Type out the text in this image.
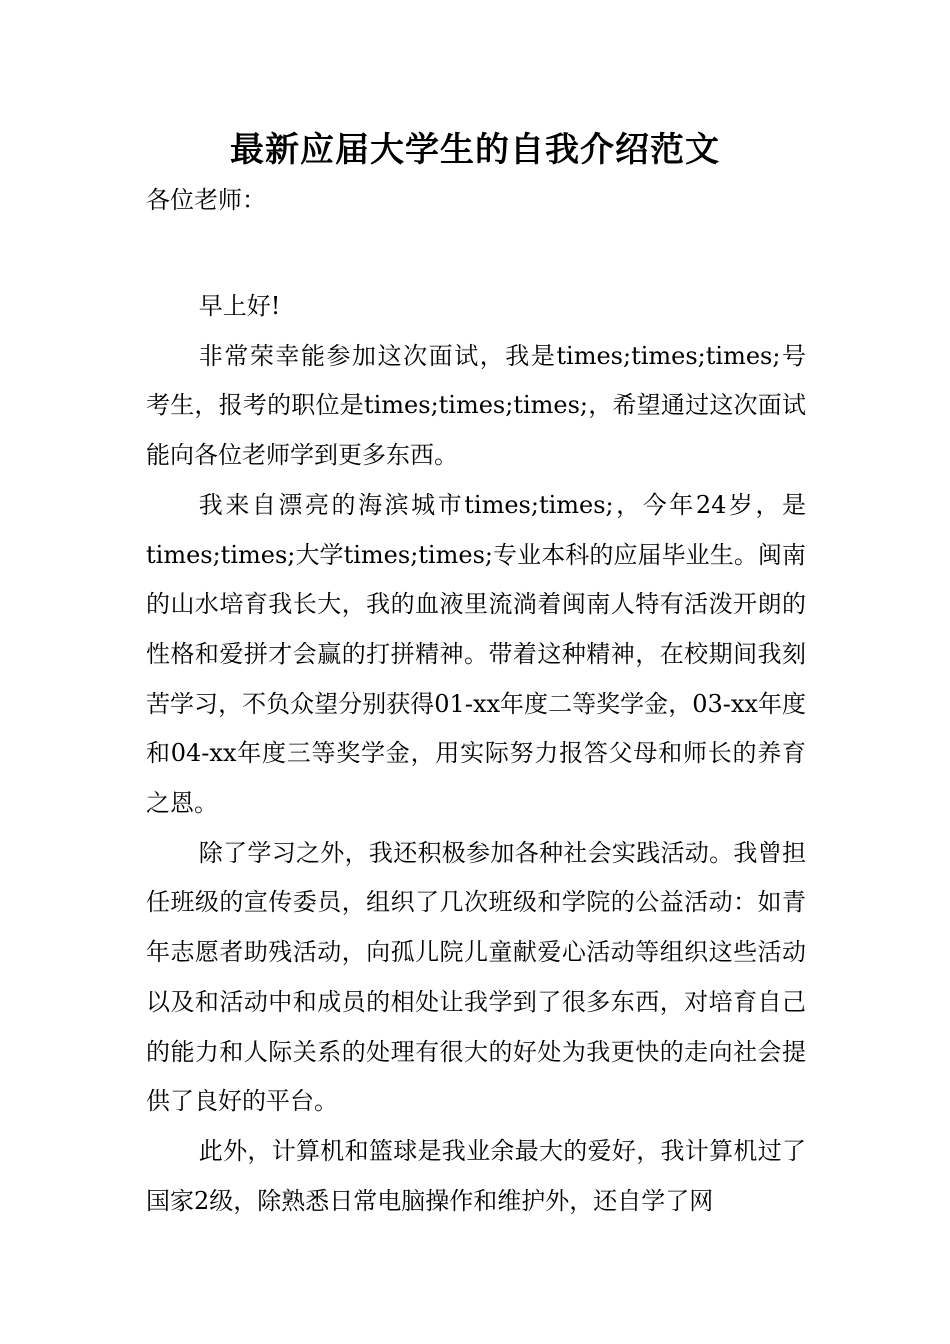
最新应届大学生的自我介绍范文
各位老师：

早上好!

非常荣幸能参加这次面试，我是times;times;times;号考生，报考的职位是times;times;times;，希望通过这次面试能向各位老师学到更多东西。

我来自漂亮的海滨城市times;times;，今年24岁，是times;times;大学times;times;专业本科的应届毕业生。闽南的山水培育我长大，我的血液里流淌着闽南人特有活泼开朗的性格和爱拼才会赢的打拼精神。带着这种精神，在校期间我刻苦学习，不负众望分别获得01-xx年度二等奖学金，03-xx年度和04-xx年度三等奖学金，用实际努力报答父母和师长的养育之恩。

除了学习之外，我还积极参加各种社会实践活动。我曾担任班级的宣传委员，组织了几次班级和学院的公益活动：如青年志愿者助残活动，向孤儿院儿童献爱心活动等组织这些活动以及和活动中和成员的相处让我学到了很多东西，对培育自己的能力和人际关系的处理有很大的好处为我更快的走向社会提供了良好的平台。

此外，计算机和篮球是我业余最大的爱好，我计算机过了国家2级，除熟悉日常电脑操作和维护外，还自学了网
